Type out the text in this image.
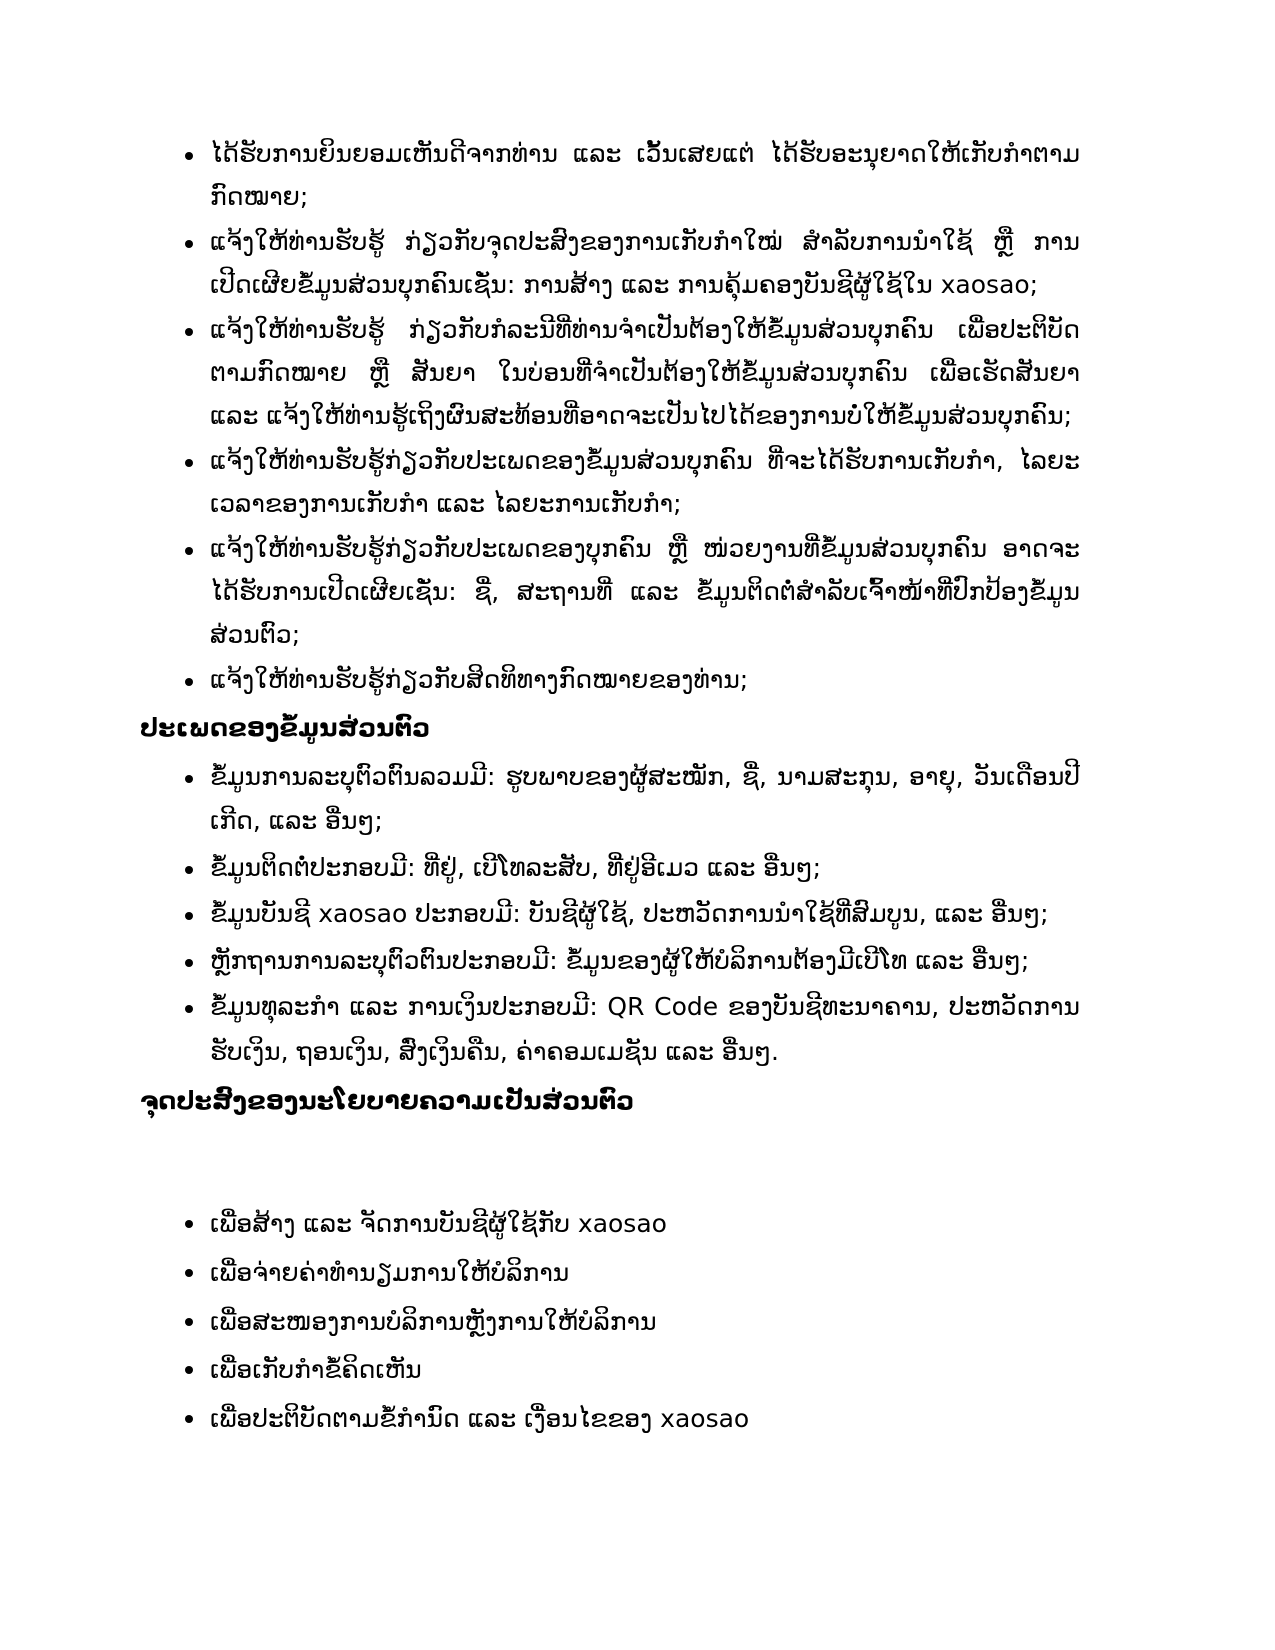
ໄດ້ຮັບການຍິນຍອມເຫັນດີຈາກທ່ານ ແລະ ເວັ້ນເສຍແຕ່ ໄດ້ຮັບອະນຸຍາດໃຫ້ເກັບກຳຕາມກົດໝາຍ;
ແຈ້ງໃຫ້ທ່ານຮັບຮູ້ ກ່ຽວກັບຈຸດປະສົງຂອງການເກັບກຳໃໝ່ ສຳລັບການນຳໃຊ້ ຫຼື ການເປີດເຜີຍຂໍ້ມູນສ່ວນບຸກຄົນເຊັ່ນ: ການສ້າງ ແລະ ການຄຸ້ມຄອງບັນຊີຜູ້ໃຊ້ໃນ xaosao;
ແຈ້ງໃຫ້ທ່ານຮັບຮູ້ ກ່ຽວກັບກໍລະນີທີ່ທ່ານຈຳເປັນຕ້ອງໃຫ້ຂໍ້ມູນສ່ວນບຸກຄົນ ເພື່ອປະຕິບັດຕາມກົດໝາຍ ຫຼື ສັນຍາ ໃນບ່ອນທີ່ຈຳເປັນຕ້ອງໃຫ້ຂໍ້ມູນສ່ວນບຸກຄົນ ເພື່ອເຮັດສັນຍາ ແລະ ແຈ້ງໃຫ້ທ່ານຮູ້ເຖິງຜົນສະທ້ອນທີ່ອາດຈະເປັນໄປໄດ້ຂອງການບໍ່ໃຫ້ຂໍ້ມູນສ່ວນບຸກຄົນ;
ແຈ້ງໃຫ້ທ່ານຮັບຮູ້ກ່ຽວກັບປະເພດຂອງຂໍ້ມູນສ່ວນບຸກຄົນ ທີ່ຈະໄດ້ຮັບການເກັບກຳ, ໄລຍະເວລາຂອງການເກັບກຳ ແລະ ໄລຍະການເກັບກຳ;
ແຈ້ງໃຫ້ທ່ານຮັບຮູ້ກ່ຽວກັບປະເພດຂອງບຸກຄົນ ຫຼື ໜ່ວຍງານທີ່ຂໍ້ມູນສ່ວນບຸກຄົນ ອາດຈະໄດ້ຮັບການເປີດເຜີຍເຊັ່ນ: ຊື່, ສະຖານທີ່ ແລະ ຂໍ້ມູນຕິດຕໍ່ສຳລັບເຈົ້າໜ້າທີ່ປົກປ້ອງຂໍ້ມູນສ່ວນຕົວ;
ແຈ້ງໃຫ້ທ່ານຮັບຮູ້ກ່ຽວກັບສິດທິທາງກົດໝາຍຂອງທ່ານ;
ປະເພດຂອງຂໍ້ມູນສ່ວນຕົວ
ຂໍ້ມູນການລະບຸຕົວຕົນລວມມີ: ຮູບພາບຂອງຜູ້ສະໝັກ, ຊື່, ນາມສະກຸນ, ອາຍຸ, ວັນເດືອນປີເກີດ, ແລະ ອື່ນໆ;
ຂໍ້ມູນຕິດຕໍ່ປະກອບມີ: ທີ່ຢູ່, ເບີໂທລະສັບ, ທີ່ຢູ່ອີເມວ ແລະ ອື່ນໆ;
ຂໍ້ມູນບັນຊີ xaosao ປະກອບມີ: ບັນຊີຜູ້ໃຊ້, ປະຫວັດການນຳໃຊ້ທີ່ສົມບູນ, ແລະ ອື່ນໆ;
ຫຼັກຖານການລະບຸຕົວຕົນປະກອບມີ: ຂໍ້ມູນຂອງຜູ້ໃຫ້ບໍລິການຕ້ອງມີເບີໂທ ແລະ ອື່ນໆ;
ຂໍ້ມູນທຸລະກຳ ແລະ ການເງິນປະກອບມີ: QR Code ຂອງບັນຊີທະນາຄານ, ປະຫວັດການຮັບເງິນ, ຖອນເງິນ, ສົ່ງເງິນຄືນ, ຄ່າຄອມເມຊັນ ແລະ ອື່ນໆ.
ຈຸດປະສົງຂອງນະໂຍບາຍຄວາມເປັນສ່ວນຕົວ
ເພື່ອສ້າງ ແລະ ຈັດການບັນຊີຜູ້ໃຊ້ກັບ xaosao
ເພື່ອຈ່າຍຄ່າທຳນຽມການໃຫ້ບໍລິການ
ເພື່ອສະໜອງການບໍລິການຫຼັງການໃຫ້ບໍລິການ
ເພື່ອເກັບກຳຂໍ້ຄິດເຫັນ
ເພື່ອປະຕິບັດຕາມຂໍ້ກຳນົດ ແລະ ເງື່ອນໄຂຂອງ xaosao
